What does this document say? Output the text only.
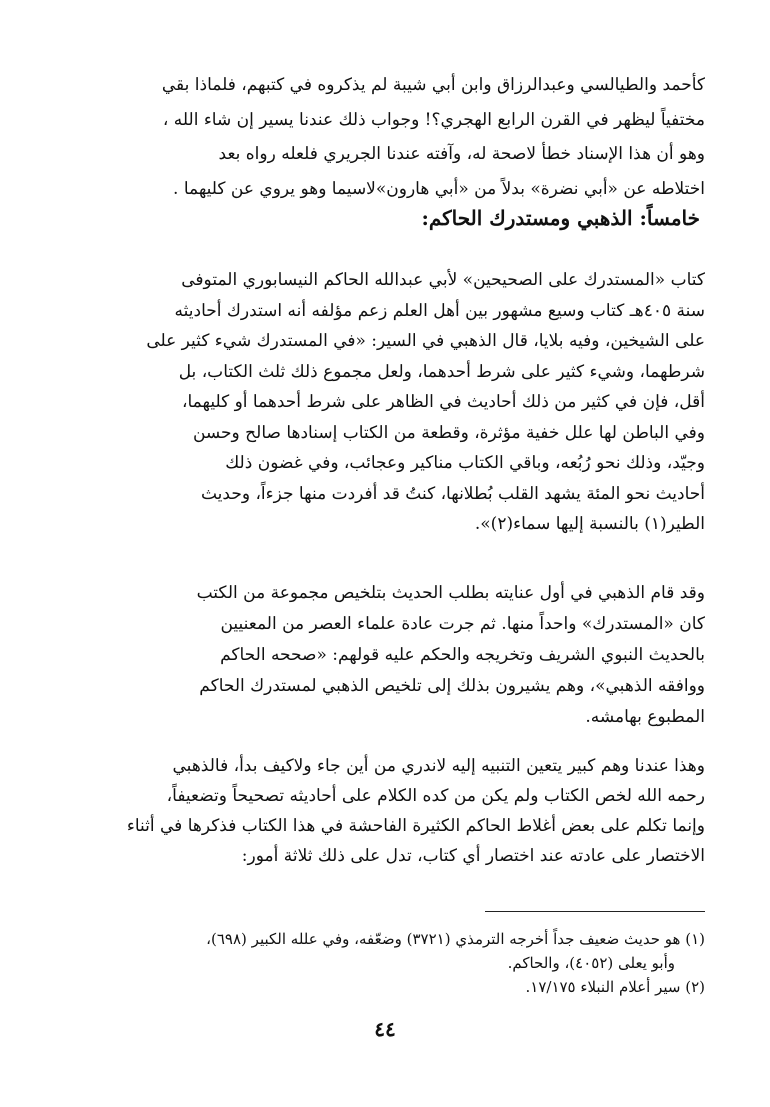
كأحمد والطيالسي وعبدالرزاق وابن أبي شيبة لم يذكروه في كتبهم، فلماذا بقي
مختفياً ليظهر في القرن الرابع الهجري؟! وجواب ذلك عندنا يسير إن شاء الله ،
وهو أن هذا الإسناد خطأ لاصحة له، وآفته عندنا الجريري فلعله رواه بعد
اختلاطه عن «أبي نضرة» بدلاً من «أبي هارون»لاسيما وهو يروي عن كليهما .
خامساً: الذهبي ومستدرك الحاكم:
كتاب «المستدرك على الصحيحين» لأبي عبدالله الحاكم النيسابوري المتوفى
سنة ٤٠٥هـ كتاب وسيع مشهور بين أهل العلم زعم مؤلفه أنه استدرك أحاديثه
على الشيخين، وفيه بلايا، قال الذهبي في السير: «في المستدرك شيء كثير على
شرطهما، وشيء كثير على شرط أحدهما، ولعل مجموع ذلك ثلث الكتاب، بل
أقل، فإن في كثير من ذلك أحاديث في الظاهر على شرط أحدهما أو كليهما،
وفي الباطن لها علل خفية مؤثرة، وقطعة من الكتاب إسنادها صالح وحسن
وجيّد، وذلك نحو رُبُعه، وباقي الكتاب مناكير وعجائب، وفي غضون ذلك
أحاديث نحو المئة يشهد القلب بُطلانها، كنتُ قد أفردت منها جزءاً، وحديث
الطير(١) بالنسبة إليها سماء(٢)».
وقد قام الذهبي في أول عنايته بطلب الحديث بتلخيص مجموعة من الكتب
كان «المستدرك» واحداً منها. ثم جرت عادة علماء العصر من المعنيين
بالحديث النبوي الشريف وتخريجه والحكم عليه قولهم: «صححه الحاكم
ووافقه الذهبي»، وهم يشيرون بذلك إلى تلخيص الذهبي لمستدرك الحاكم
المطبوع بهامشه.
وهذا عندنا وهم كبير يتعين التنبيه إليه لاندري من أين جاء ولاكيف بدأ، فالذهبي
رحمه الله لخص الكتاب ولم يكن من كده الكلام على أحاديثه تصحيحاً وتضعيفاً،
وإنما تكلم على بعض أغلاط الحاكم الكثيرة الفاحشة في هذا الكتاب فذكرها في أثناء
الاختصار على عادته عند اختصار أي كتاب، تدل على ذلك ثلاثة أمور:
(١) هو حديث ضعيف جداً أخرجه الترمذي (٣٧٢١) وضعّفه، وفي علله الكبير (٦٩٨)،
وأبو يعلى (٤٠٥٢)، والحاكم.
(٢) سير أعلام النبلاء ١٧/١٧٥.
٤٤
